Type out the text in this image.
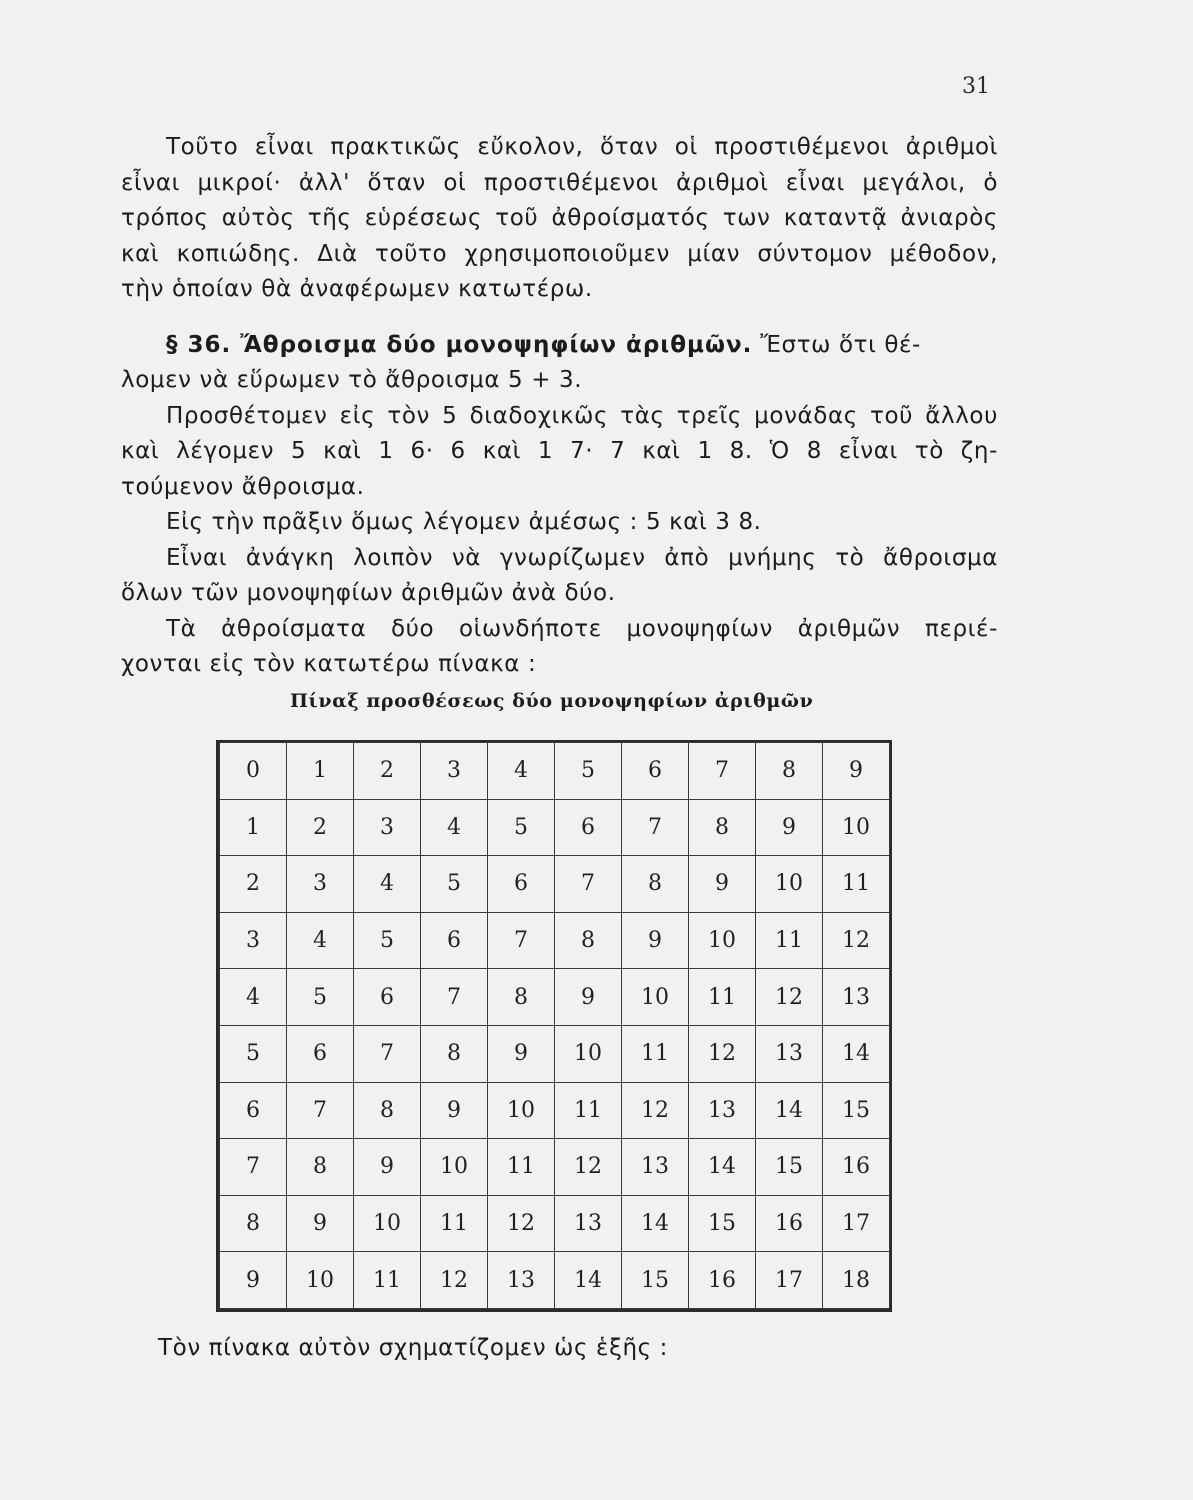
31
Τοῦτο εἶναι πρακτικῶς εὔκολον, ὅταν οἱ προστιθέμενοι ἀριθμοὶ
εἶναι μικροί· ἀλλ' ὅταν οἱ προστιθέμενοι ἀριθμοὶ εἶναι μεγάλοι, ὁ
τρόπος αὐτὸς τῆς εὑρέσεως τοῦ ἀθροίσματός των καταντᾷ ἀνιαρὸς
καὶ κοπιώδης. Διὰ τοῦτο χρησιμοποιοῦμεν μίαν σύντομον μέθοδον,
τὴν ὁποίαν θὰ ἀναφέρωμεν κατωτέρω.
§ 36. Ἄθροισμα δύο μονοψηφίων ἀριθμῶν. Ἔστω ὅτι θέ-
λομεν νὰ εὕρωμεν τὸ ἄθροισμα 5 + 3.
Προσθέτομεν εἰς τὸν 5 διαδοχικῶς τὰς τρεῖς μονάδας τοῦ ἄλλου
καὶ λέγομεν 5 καὶ 1 6· 6 καὶ 1 7· 7 καὶ 1 8. Ὁ 8 εἶναι τὸ ζη-
τούμενον ἄθροισμα.
Εἰς τὴν πρᾶξιν ὅμως λέγομεν ἀμέσως : 5 καὶ 3 8.
Εἶναι ἀνάγκη λοιπὸν νὰ γνωρίζωμεν ἀπὸ μνήμης τὸ ἄθροισμα
ὅλων τῶν μονοψηφίων ἀριθμῶν ἀνὰ δύο.
Τὰ ἀθροίσματα δύο οἱωνδήποτε μονοψηφίων ἀριθμῶν περιέ-
χονται εἰς τὸν κατωτέρω πίνακα :
Πίναξ προσθέσεως δύο μονοψηφίων ἀριθμῶν
0	1	2	3	4	5	6	7	8	9
1	2	3	4	5	6	7	8	9	10
2	3	4	5	6	7	8	9	10	11
3	4	5	6	7	8	9	10	11	12
4	5	6	7	8	9	10	11	12	13
5	6	7	8	9	10	11	12	13	14
6	7	8	9	10	11	12	13	14	15
7	8	9	10	11	12	13	14	15	16
8	9	10	11	12	13	14	15	16	17
9	10	11	12	13	14	15	16	17	18
Τὸν πίνακα αὐτὸν σχηματίζομεν ὡς ἑξῆς :
